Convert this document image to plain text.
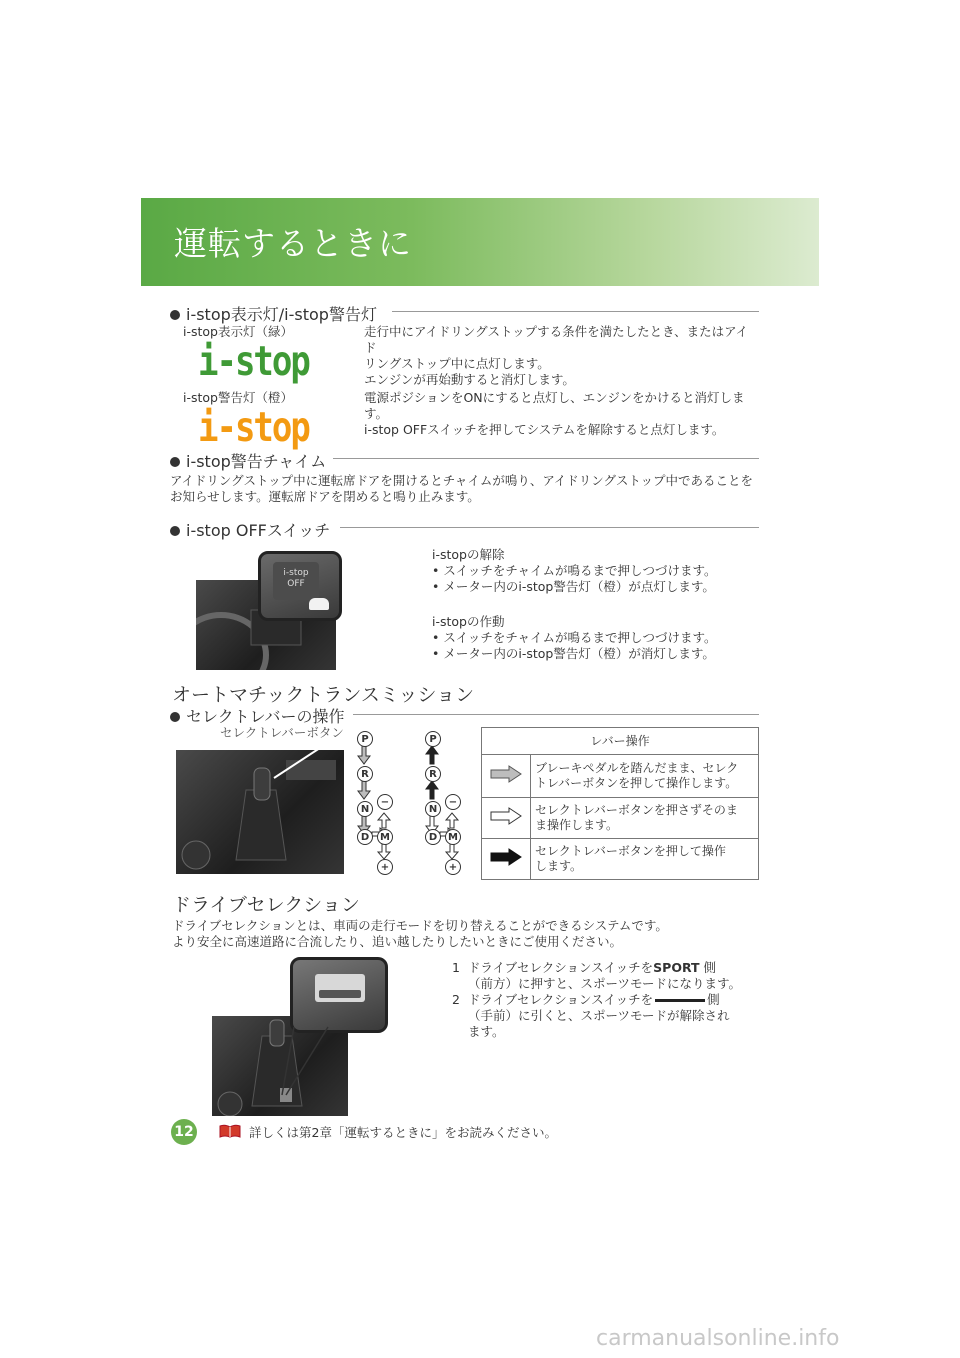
運転するときに
i-stop表示灯/i-stop警告灯
i-stop表示灯（緑）
i-stop
走行中にアイドリングストップする条件を満たしたとき、またはアイド
リングストップ中に点灯します。
エンジンが再始動すると消灯します。
i-stop警告灯（橙）
i-stop
電源ポジションをONにすると点灯し、エンジンをかけると消灯しま
す。
i-stop OFFスイッチを押してシステムを解除すると点灯します。
i-stop警告チャイム
アイドリングストップ中に運転席ドアを開けるとチャイムが鳴り、アイドリングストップ中であることを
お知らせします。運転席ドアを閉めると鳴り止みます。
i-stop OFFスイッチ
i-stop
OFF
i-stopの解除
• スイッチをチャイムが鳴るまで押しつづけます。
• メーター内のi-stop警告灯（橙）が点灯します。
i-stopの作動
• スイッチをチャイムが鳴るまで押しつづけます。
• メーター内のi-stop警告灯（橙）が消灯します。
オートマチックトランスミッション
セレクトレバーの操作
セレクトレバーボタン	P
R
N
D	M
−
+
P
R
N
D	M
−
+
レバー操作	

ブレーキペダルを踏んだまま、セレク
トレバーボタンを押して操作します。

セレクトレバーボタンを押さずそのま
ま操作します。

セレクトレバーボタンを押して操作
します。
ドライブセレクション
ドライブセレクションとは、車両の走行モードを切り替えることができるシステムです。
より安全に高速道路に合流したり、追い越したりしたいときにご使用ください。
1 ドライブセレクションスイッチをSPORT 側
（前方）に押すと、スポーツモードになります。
2 ドライブセレクションスイッチを	側
（手前）に引くと、スポーツモードが解除され
ます。
12	詳しくは第2章「運転するときに」をお読みください。
carmanualsonline.info
